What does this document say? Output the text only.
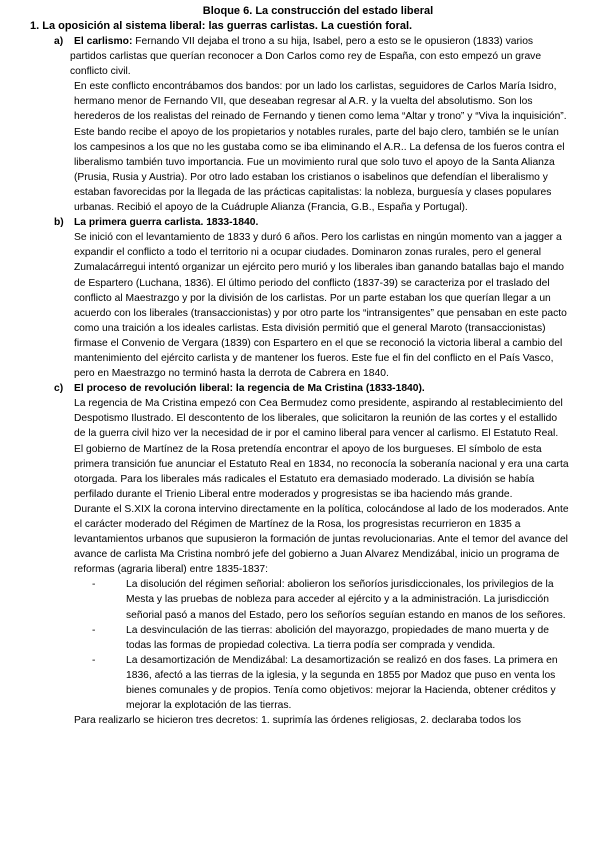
Bloque 6. La construcción del estado liberal
1. La oposición al sistema liberal: las guerras carlistas. La cuestión foral.
a) El carlismo: Fernando VII dejaba el trono a su hija, Isabel, pero a esto se le opusieron (1833) varios partidos carlistas que querían reconocer a Don Carlos como rey de España, con esto empezó un grave conflicto civil.

En este conflicto encontrábamos dos bandos: por un lado los carlistas, seguidores de Carlos María Isidro, hermano menor de Fernando VII, que deseaban regresar al A.R. y la vuelta del absolutismo. Son los herederos de los realistas del reinado de Fernando y tienen como lema “Altar y trono” y “Viva la inquisición”. Este bando recibe el apoyo de los propietarios y notables rurales, parte del bajo clero, también se le unían los campesinos a los que no les gustaba como se iba eliminando el A.R.. La defensa de los fueros contra el liberalismo también tuvo importancia. Fue un movimiento rural que solo tuvo el apoyo de la Santa Alianza (Prusia, Rusia y Austria). Por otro lado estaban los cristianos o isabelinos que defendían el liberalismo y estaban favorecidas por la llegada de las prácticas capitalistas: la nobleza, burguesía y clases populares urbanas. Recibió el apoyo de la Cuádruple Alianza (Francia, G.B., España y Portugal).

b) La primera guerra carlista. 1833-1840.

Se inició con el levantamiento de 1833 y duró 6 años. Pero los carlistas en ningún momento van a jagger a expandir el conflicto a todo el territorio ni a ocupar ciudades. Dominaron zonas rurales, pero el general Zumalacárregui intentó organizar un ejército pero murió y los liberales iban ganando batallas bajo el mando de Espartero (Luchana, 1836). El último periodo del conflicto (1837-39) se caracteriza por el traslado del conflicto al Maestrazgo y por la división de los carlistas. Por un parte estaban los que querían llegar a un acuerdo con los liberales (transaccionistas) y por otro parte los “intransigentes” que pensaban en este pacto como una traición a los ideales carlistas. Esta división permitió que el general Maroto (transaccionistas) firmase el Convenio de Vergara (1839) con Espartero en el que se reconoció la victoria liberal a cambio del mantenimiento del ejército carlista y de mantener los fueros. Este fue el fin del conflicto en el País Vasco, pero en Maestrazgo no terminó hasta la derrota de Cabrera en 1840.

c) El proceso de revolución liberal: la regencia de Ma Cristina (1833-1840).

La regencia de Ma Cristina empezó con Cea Bermudez como presidente, aspirando al restablecimiento del Despotismo Ilustrado. El descontento de los liberales, que solicitaron la reunión de las cortes y el estallido de la guerra civil hizo ver la necesidad de ir por el camino liberal para vencer al carlismo. El Estatuto Real.

El gobierno de Martínez de la Rosa pretendía encontrar el apoyo de los burgueses. El símbolo de esta primera transición fue anunciar el Estatuto Real en 1834, no reconocía la soberanía nacional y era una carta otorgada. Para los liberales más radicales el Estatuto era demasiado moderado. La división se había perfilado durante el Trienio Liberal entre moderados y progresistas se iba haciendo más grande.

Durante el S.XIX la corona intervino directamente en la política, colocándose al lado de los moderados. Ante el carácter moderado del Régimen de Martínez de la Rosa, los progresistas recurrieron en 1835 a levantamientos urbanos que supusieron la formación de juntas revolucionarias. Ante el temor del avance del avance de carlista Ma Cristina nombró jefe del gobierno a Juan Alvarez Mendizábal, inicio un programa de reformas (agraria liberal) entre 1835-1837:

-	La disolución del régimen señorial: abolieron los señoríos jurisdiccionales, los privilegios de la Mesta y las pruebas de nobleza para acceder al ejército y a la administración. La jurisdicción señorial pasó a manos del Estado, pero los señoríos seguían estando en manos de los señores.
-	La desvinculación de las tierras: abolición del mayorazgo, propiedades de mano muerta y de todas las formas de propiedad colectiva. La tierra podía ser comprada y vendida.
-	La desamortización de Mendizábal: La desamortización se realizó en dos fases. La primera en 1836, afectó a las tierras de la iglesia, y la segunda en 1855 por Madoz que puso en venta los bienes comunales y de propios. Tenía como objetivos: mejorar la Hacienda, obtener créditos y mejorar la explotación de las tierras.

Para realizarlo se hicieron tres decretos: 1. suprimía las órdenes religiosas, 2. declaraba todos los
